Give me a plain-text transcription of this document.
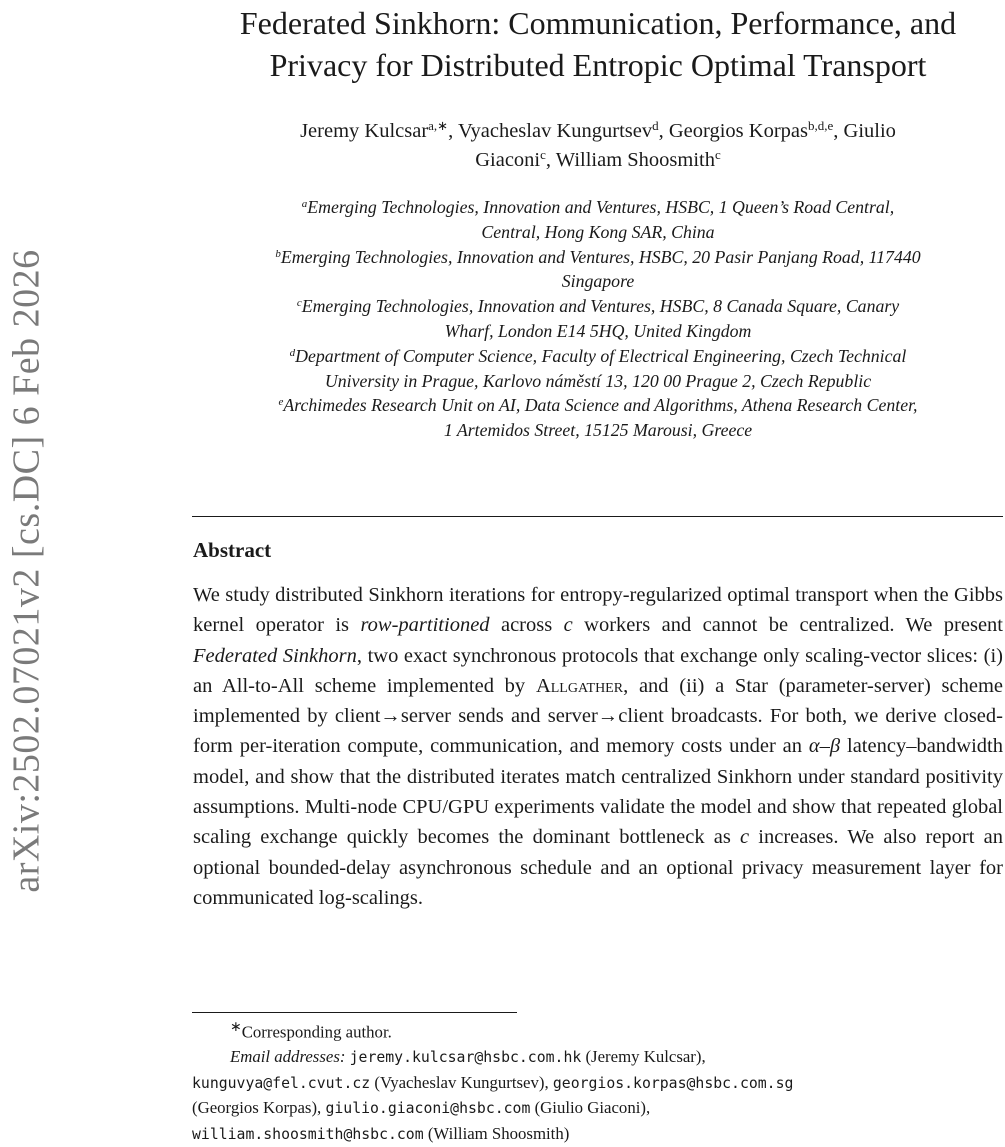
arXiv:2502.07021v2 [cs.DC] 6 Feb 2026
Federated Sinkhorn: Communication, Performance, and
Privacy for Distributed Entropic Optimal Transport
Jeremy Kulcsar$^{a,∗}$, Vyacheslav Kungurtsev$^d$, Georgios Korpas$^{b,d,e}$, Giulio
Giaconi$^c$, William Shoosmith$^c$
$^a$Emerging Technologies, Innovation and Ventures, HSBC, 1 Queen’s Road Central,
Central, Hong Kong SAR, China
$^b$Emerging Technologies, Innovation and Ventures, HSBC, 20 Pasir Panjang Road, 117440
Singapore
$^c$Emerging Technologies, Innovation and Ventures, HSBC, 8 Canada Square, Canary
Wharf, London E14 5HQ, United Kingdom
$^d$Department of Computer Science, Faculty of Electrical Engineering, Czech Technical
University in Prague, Karlovo náměstí 13, 120 00 Prague 2, Czech Republic
$^e$Archimedes Research Unit on AI, Data Science and Algorithms, Athena Research Center,
1 Artemidos Street, 15125 Marousi, Greece
Abstract

We study distributed Sinkhorn iterations for entropy-regularized optimal transport when the Gibbs kernel operator is row-partitioned across c workers and cannot be centralized. We present Federated Sinkhorn, two exact synchronous protocols that exchange only scaling-vector slices: (i) an All-to-All scheme implemented by Allgather, and (ii) a Star (parameter-server) scheme implemented by client→server sends and server→client broadcasts. For both, we derive closed-form per-iteration compute, communication, and memory costs under an α–β latency–bandwidth model, and show that the distributed iterates match centralized Sinkhorn under standard positivity assumptions. Multi-node CPU/GPU experiments validate the model and show that repeated global scaling exchange quickly becomes the dominant bottleneck as c increases. We also report an optional bounded-delay asynchronous schedule and an optional privacy measurement layer for communicated log-scalings.

∗Corresponding author.
Email addresses: jeremy.kulcsar@hsbc.com.hk (Jeremy Kulcsar),
kunguvya@fel.cvut.cz (Vyacheslav Kungurtsev), georgios.korpas@hsbc.com.sg
(Georgios Korpas), giulio.giaconi@hsbc.com (Giulio Giaconi),
william.shoosmith@hsbc.com (William Shoosmith)
